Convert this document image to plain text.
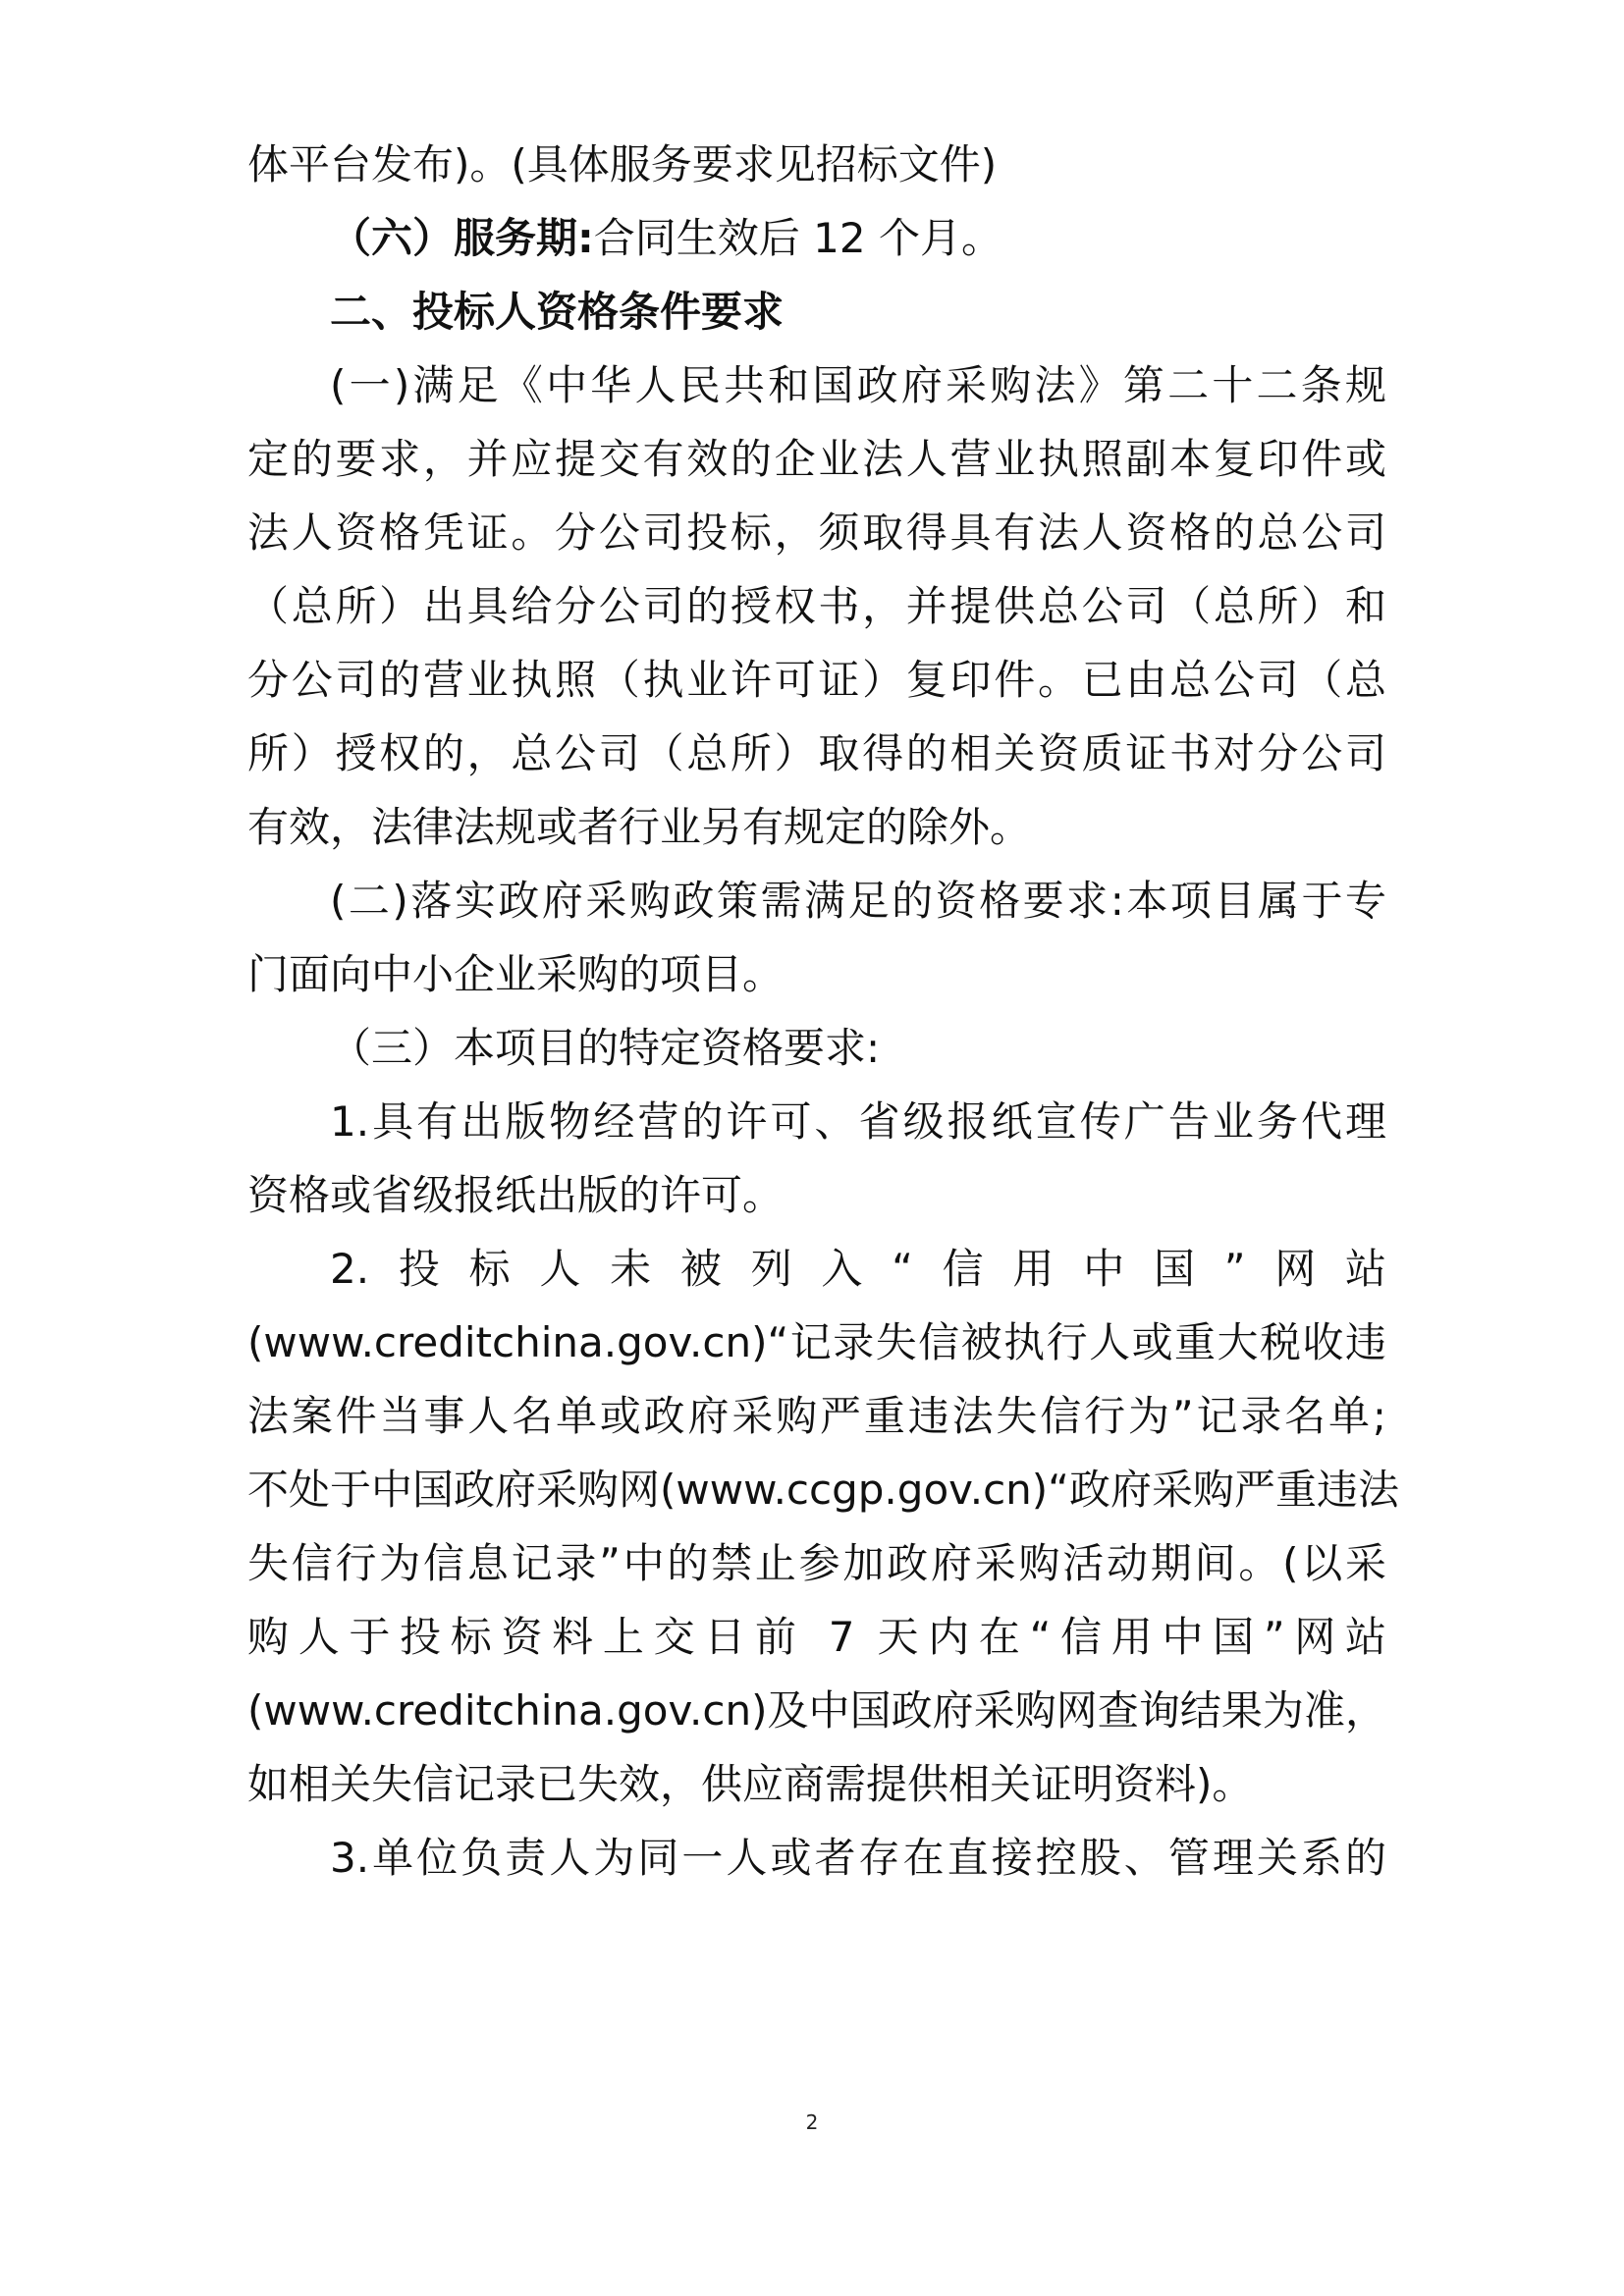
体平台发布)。(具体服务要求见招标文件)
（六）服务期:合同生效后 12 个月。
二、投标人资格条件要求
(一)满足《中华人民共和国政府采购法》第二十二条规
定的要求，并应提交有效的企业法人营业执照副本复印件或
法人资格凭证。分公司投标，须取得具有法人资格的总公司
（总所）出具给分公司的授权书，并提供总公司（总所）和
分公司的营业执照（执业许可证）复印件。已由总公司（总
所）授权的，总公司（总所）取得的相关资质证书对分公司
有效，法律法规或者行业另有规定的除外。
(二)落实政府采购政策需满足的资格要求:本项目属于专
门面向中小企业采购的项目。
（三）本项目的特定资格要求:
1.具有出版物经营的许可、省级报纸宣传广告业务代理
资格或省级报纸出版的许可。
2.投标人未被列入“信用中国”网站
(www.creditchina.gov.cn)“记录失信被执行人或重大税收违
法案件当事人名单或政府采购严重违法失信行为”记录名单;
不处于中国政府采购网(www.ccgp.gov.cn)“政府采购严重违法
失信行为信息记录”中的禁止参加政府采购活动期间。(以采
购人于投标资料上交日前 7 天内在“信用中国”网站
(www.creditchina.gov.cn)及中国政府采购网查询结果为准，
如相关失信记录已失效，供应商需提供相关证明资料)。
3.单位负责人为同一人或者存在直接控股、管理关系的
2
